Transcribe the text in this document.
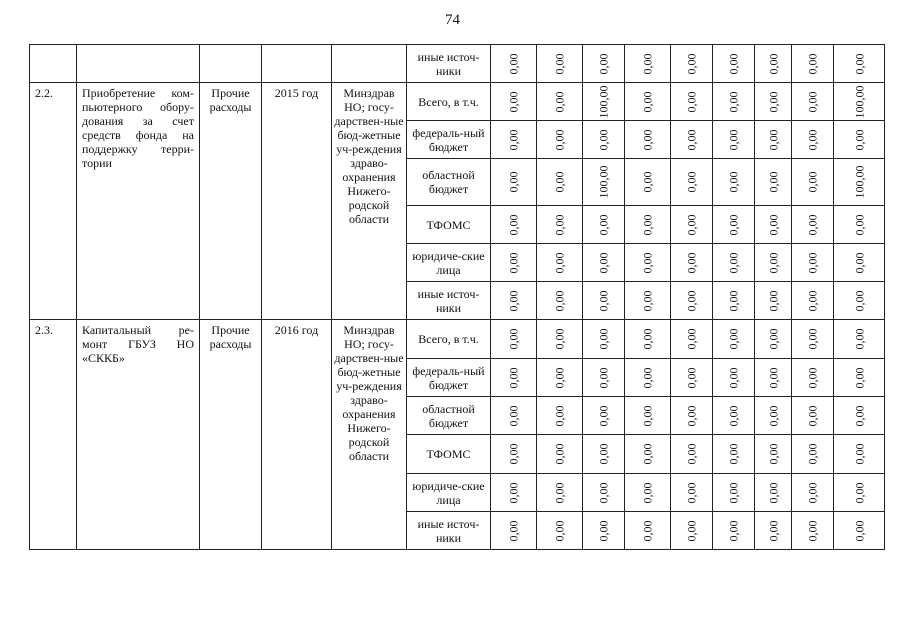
74
					иные источ-ники	0,00	0,00	0,00	0,00	0,00	0,00	0,00	0,00	0,00
2.2.	Приобретение ком-пьютерного обору-дования за счет средств фонда на поддержку терри-тории	Прочие расходы	2015 год	Минздрав НО; госу-дарствен-ные бюд-жетные уч-реждения здраво-охранения Нижего-родской области	Всего, в т.ч.	0,00	0,00	100,00	0,00	0,00	0,00	0,00	0,00	100,00
					федераль-ный бюджет	0,00	0,00	0,00	0,00	0,00	0,00	0,00	0,00	0,00
					областной бюджет	0,00	0,00	100,00	0,00	0,00	0,00	0,00	0,00	100,00
					ТФОМС	0,00	0,00	0,00	0,00	0,00	0,00	0,00	0,00	0,00
					юридиче-ские лица	0,00	0,00	0,00	0,00	0,00	0,00	0,00	0,00	0,00
					иные источ-ники	0,00	0,00	0,00	0,00	0,00	0,00	0,00	0,00	0,00
2.3.	Капитальный ре-монт ГБУЗ НО «СККБ»	Прочие расходы	2016 год	Минздрав НО; госу-дарствен-ные бюд-жетные уч-реждения здраво-охранения Нижего-родской области	Всего, в т.ч.	0,00	0,00	0,00	0,00	0,00	0,00	0,00	0,00	0,00
					федераль-ный бюджет	0,00	0,00	0,00	0,00	0,00	0,00	0,00	0,00	0,00
					областной бюджет	0,00	0,00	0,00	0,00	0,00	0,00	0,00	0,00	0,00
					ТФОМС	0,00	0,00	0,00	0,00	0,00	0,00	0,00	0,00	0,00
					юридиче-ские лица	0,00	0,00	0,00	0,00	0,00	0,00	0,00	0,00	0,00
					иные источ-ники	0,00	0,00	0,00	0,00	0,00	0,00	0,00	0,00	0,00
